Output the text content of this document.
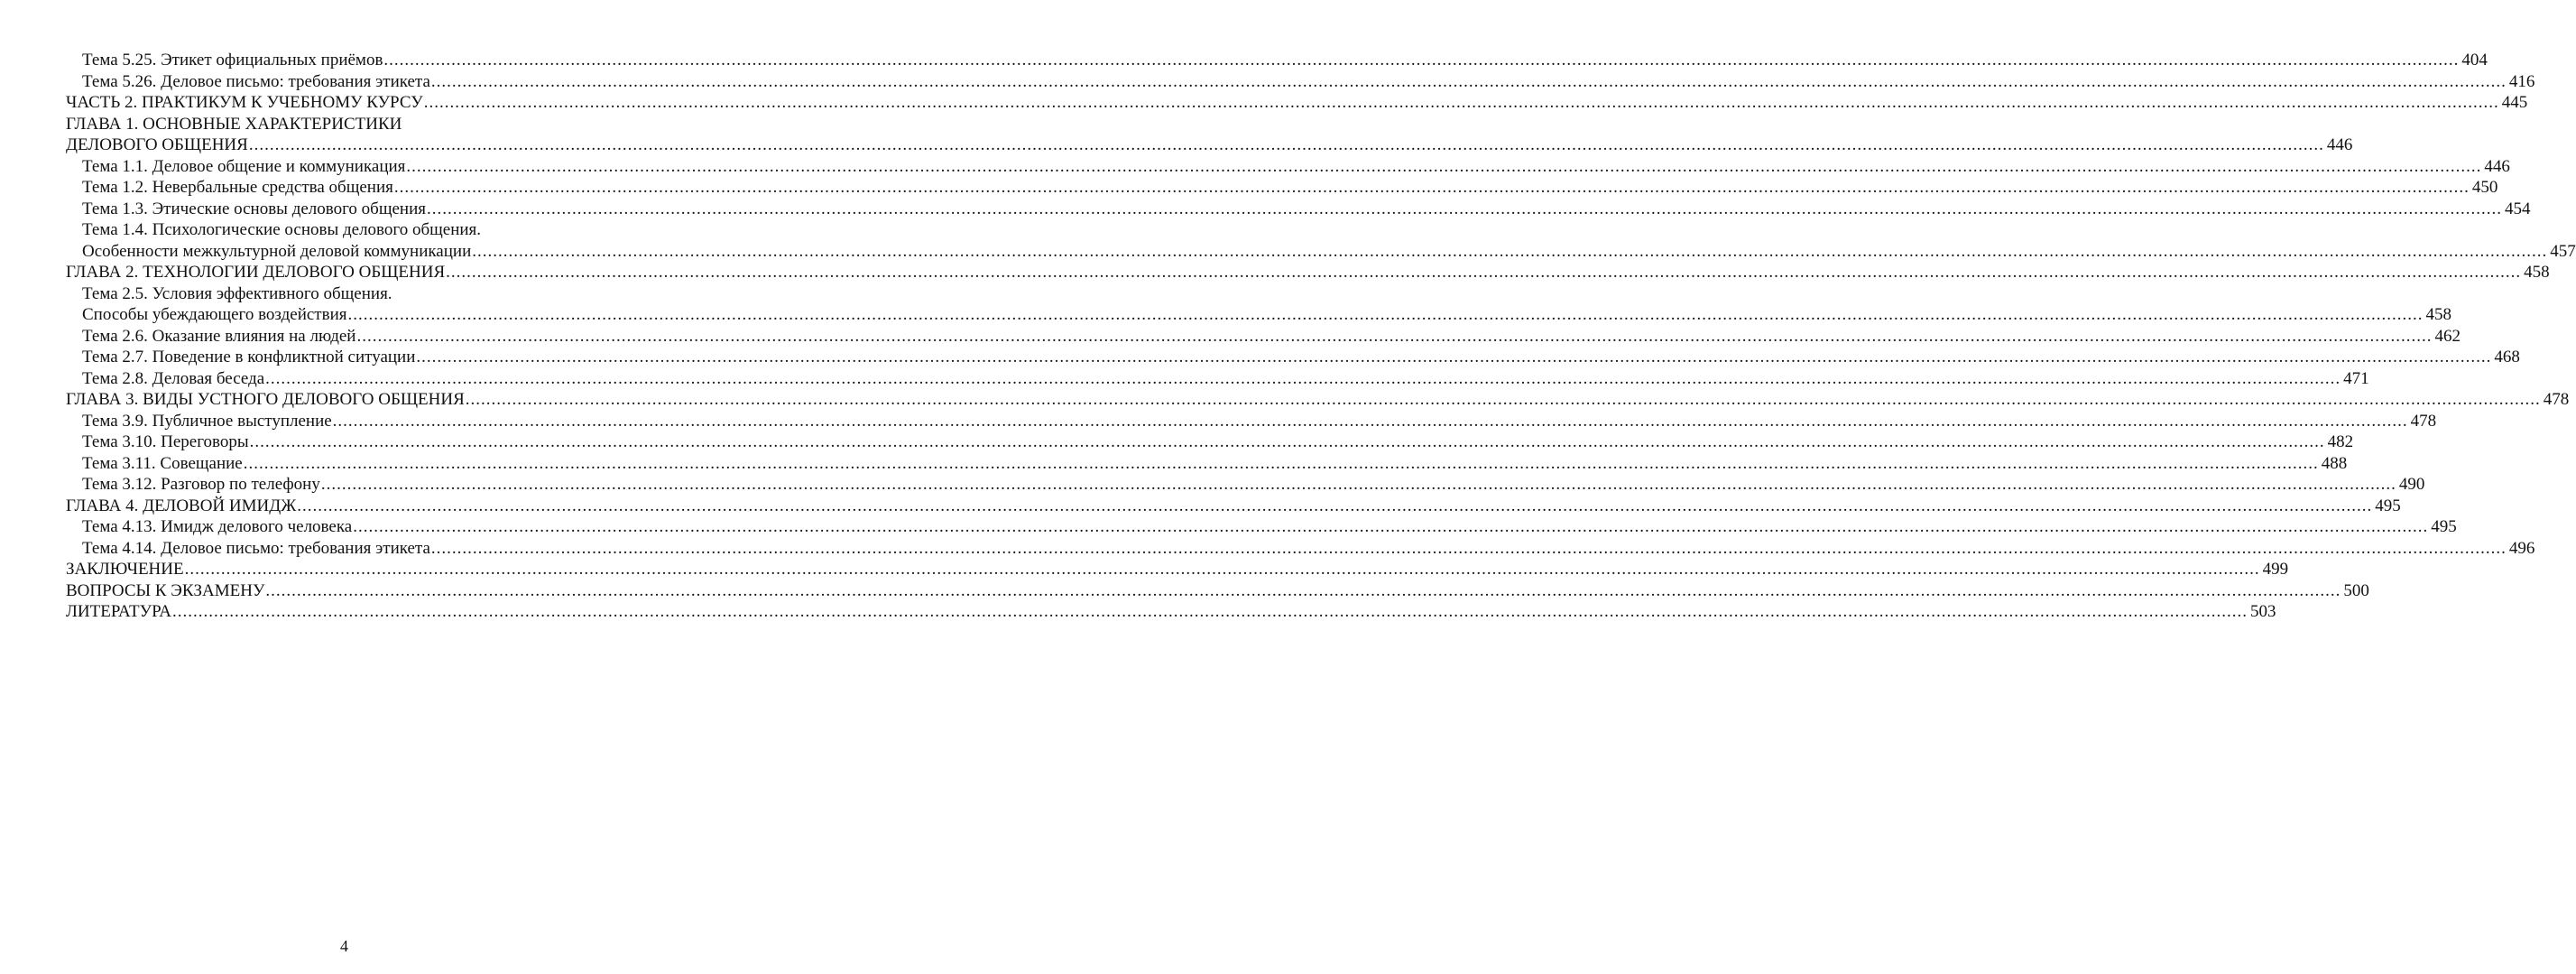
Тема 5.25. Этикет официальных приёмов ................................................................................................................................................................................................................................................................................................................................................................................................................ 404
Тема 5.26. Деловое письмо: требования этикета ................................................................................................................................................................................................................................................................................................................................................................................................................ 416
ЧАСТЬ 2. ПРАКТИКУМ К УЧЕБНОМУ КУРСУ ................................................................................................................................................................................................................................................................................................................................................................................................................ 445
ГЛАВА 1. ОСНОВНЫЕ ХАРАКТЕРИСТИКИ
ДЕЛОВОГО ОБЩЕНИЯ ................................................................................................................................................................................................................................................................................................................................................................................................................ 446
Тема 1.1. Деловое общение и коммуникация ................................................................................................................................................................................................................................................................................................................................................................................................................ 446
Тема 1.2. Невербальные средства общения ................................................................................................................................................................................................................................................................................................................................................................................................................ 450
Тема 1.3. Этические основы делового общения ................................................................................................................................................................................................................................................................................................................................................................................................................ 454
Тема 1.4. Психологические основы делового общения.
Особенности межкультурной деловой коммуникации ................................................................................................................................................................................................................................................................................................................................................................................................................ 457
ГЛАВА 2. ТЕХНОЛОГИИ ДЕЛОВОГО ОБЩЕНИЯ ................................................................................................................................................................................................................................................................................................................................................................................................................ 458
Тема 2.5. Условия эффективного общения.
Способы убеждающего воздействия ................................................................................................................................................................................................................................................................................................................................................................................................................ 458
Тема 2.6. Оказание влияния на людей ................................................................................................................................................................................................................................................................................................................................................................................................................ 462
Тема 2.7. Поведение в конфликтной ситуации ................................................................................................................................................................................................................................................................................................................................................................................................................ 468
Тема 2.8. Деловая беседа ................................................................................................................................................................................................................................................................................................................................................................................................................ 471
ГЛАВА 3. ВИДЫ УСТНОГО ДЕЛОВОГО ОБЩЕНИЯ ................................................................................................................................................................................................................................................................................................................................................................................................................ 478
Тема 3.9. Публичное выступление ................................................................................................................................................................................................................................................................................................................................................................................................................ 478
Тема 3.10. Переговоры ................................................................................................................................................................................................................................................................................................................................................................................................................ 482
Тема 3.11. Совещание ................................................................................................................................................................................................................................................................................................................................................................................................................ 488
Тема 3.12. Разговор по телефону ................................................................................................................................................................................................................................................................................................................................................................................................................ 490
ГЛАВА 4. ДЕЛОВОЙ ИМИДЖ ................................................................................................................................................................................................................................................................................................................................................................................................................ 495
Тема 4.13. Имидж делового человека ................................................................................................................................................................................................................................................................................................................................................................................................................ 495
Тема 4.14. Деловое письмо: требования этикета ................................................................................................................................................................................................................................................................................................................................................................................................................ 496
ЗАКЛЮЧЕНИЕ ................................................................................................................................................................................................................................................................................................................................................................................................................ 499
ВОПРОСЫ К ЭКЗАМЕНУ ................................................................................................................................................................................................................................................................................................................................................................................................................ 500
ЛИТЕРАТУРА ................................................................................................................................................................................................................................................................................................................................................................................................................ 503
4
